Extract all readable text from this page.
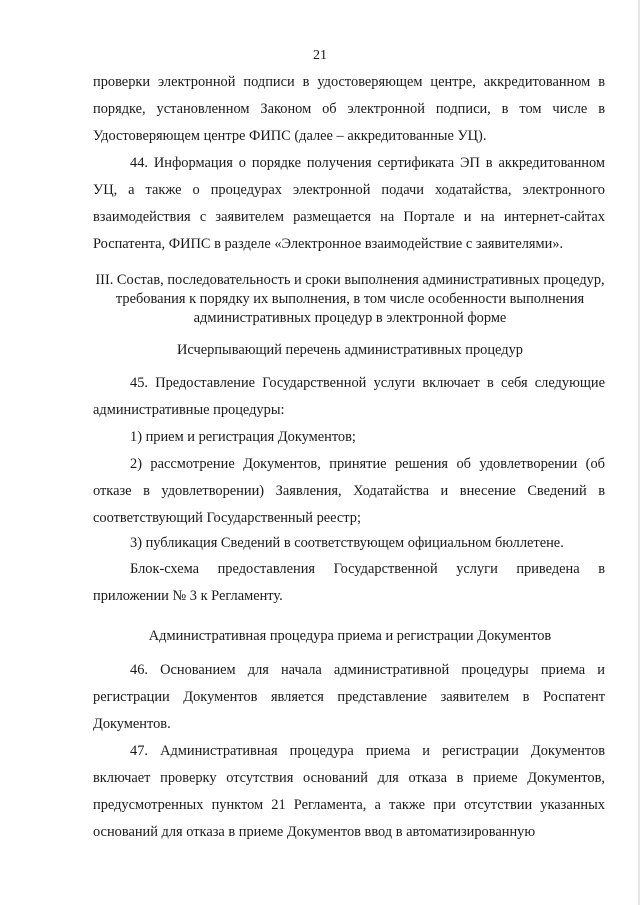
21

проверки электронной подписи в удостоверяющем центре, аккредитованном в порядке, установленном Законом об электронной подписи, в том числе в Удостоверяющем центре ФИПС (далее – аккредитованные УЦ).

44. Информация о порядке получения сертификата ЭП в аккредитованном УЦ, а также о процедурах электронной подачи ходатайства, электронного взаимодействия с заявителем размещается на Портале и на интернет-сайтах Роспатента, ФИПС в разделе «Электронное взаимодействие с заявителями».

III. Состав, последовательность и сроки выполнения административных процедур, требования к порядку их выполнения, в том числе особенности выполнения административных процедур в электронной форме

Исчерпывающий перечень административных процедур

45. Предоставление Государственной услуги включает в себя следующие административные процедуры:

1) прием и регистрация Документов;

2) рассмотрение Документов, принятие решения об удовлетворении (об отказе в удовлетворении) Заявления, Ходатайства и внесение Сведений в соответствующий Государственный реестр;

3) публикация Сведений в соответствующем официальном бюллетене.

Блок-схема предоставления Государственной услуги приведена в приложении № 3 к Регламенту.

Административная процедура приема и регистрации Документов

46. Основанием для начала административной процедуры приема и регистрации Документов является представление заявителем в Роспатент Документов.

47. Административная процедура приема и регистрации Документов включает проверку отсутствия оснований для отказа в приеме Документов, предусмотренных пунктом 21 Регламента, а также при отсутствии указанных оснований для отказа в приеме Документов ввод в автоматизированную
